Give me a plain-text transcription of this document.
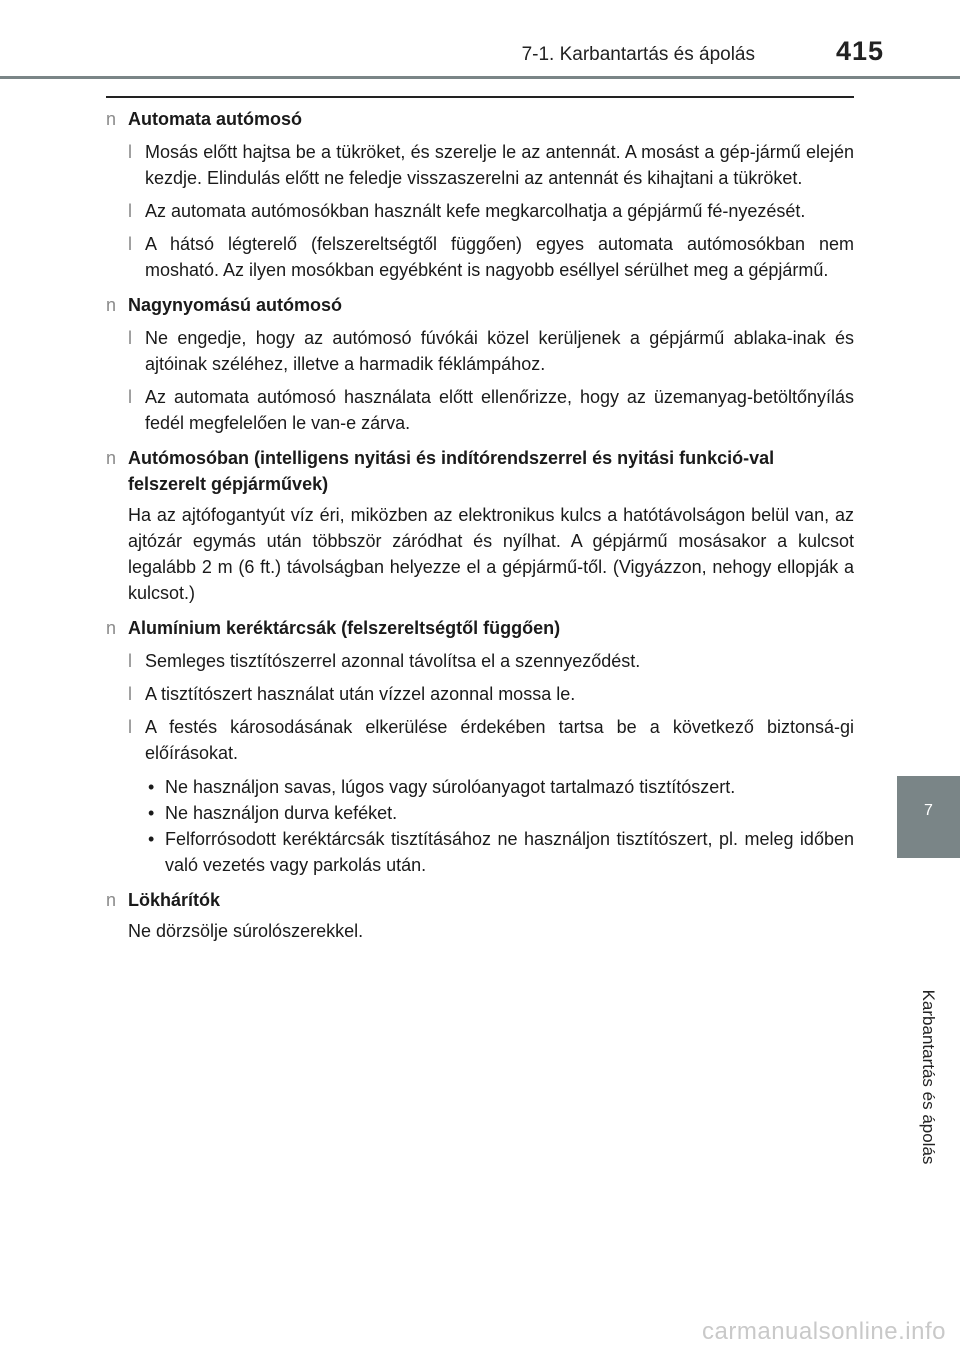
7-1. Karbantartás és ápolás	415
n Automata autómosó
l Mosás előtt hajtsa be a tükröket, és szerelje le az antennát. A mosást a gép-jármű elején kezdje. Elindulás előtt ne feledje visszaszerelni az antennát és kihajtani a tükröket.
l Az automata autómosókban használt kefe megkarcolhatja a gépjármű fé-nyezését.
l A hátsó légterelő (felszereltségtől függően) egyes automata autómosókban nem mosható. Az ilyen mosókban egyébként is nagyobb eséllyel sérülhet meg a gépjármű.
n Nagynyomású autómosó
l Ne engedje, hogy az autómosó fúvókái közel kerüljenek a gépjármű ablaka-inak és ajtóinak széléhez, illetve a harmadik féklámpához.
l Az automata autómosó használata előtt ellenőrizze, hogy az üzemanyag-betöltőnyílás fedél megfelelően le van-e zárva.
n Autómosóban (intelligens nyitási és indítórendszerrel és nyitási funkció-val felszerelt gépjárművek)

Ha az ajtófogantyút víz éri, miközben az elektronikus kulcs a hatótávolságon belül van, az ajtózár egymás után többször záródhat és nyílhat. A gépjármű mosásakor a kulcsot legalább 2 m (6 ft.) távolságban helyezze el a gépjármű-től. (Vigyázzon, nehogy ellopják a kulcsot.)

n Alumínium keréktárcsák (felszereltségtől függően)
l Semleges tisztítószerrel azonnal távolítsa el a szennyeződést.
l A tisztítószert használat után vízzel azonnal mossa le.
l A festés károsodásának elkerülése érdekében tartsa be a következő biztonsá-gi előírásokat.
• Ne használjon savas, lúgos vagy súrolóanyagot tartalmazó tisztítószert.
• Ne használjon durva keféket.
• Felforrósodott keréktárcsák tisztításához ne használjon tisztítószert, pl. meleg időben való vezetés vagy parkolás után.
n Lökhárítók

Ne dörzsölje súrolószerekkel.

7
Karbantartás és ápolás
carmanualsonline.info
